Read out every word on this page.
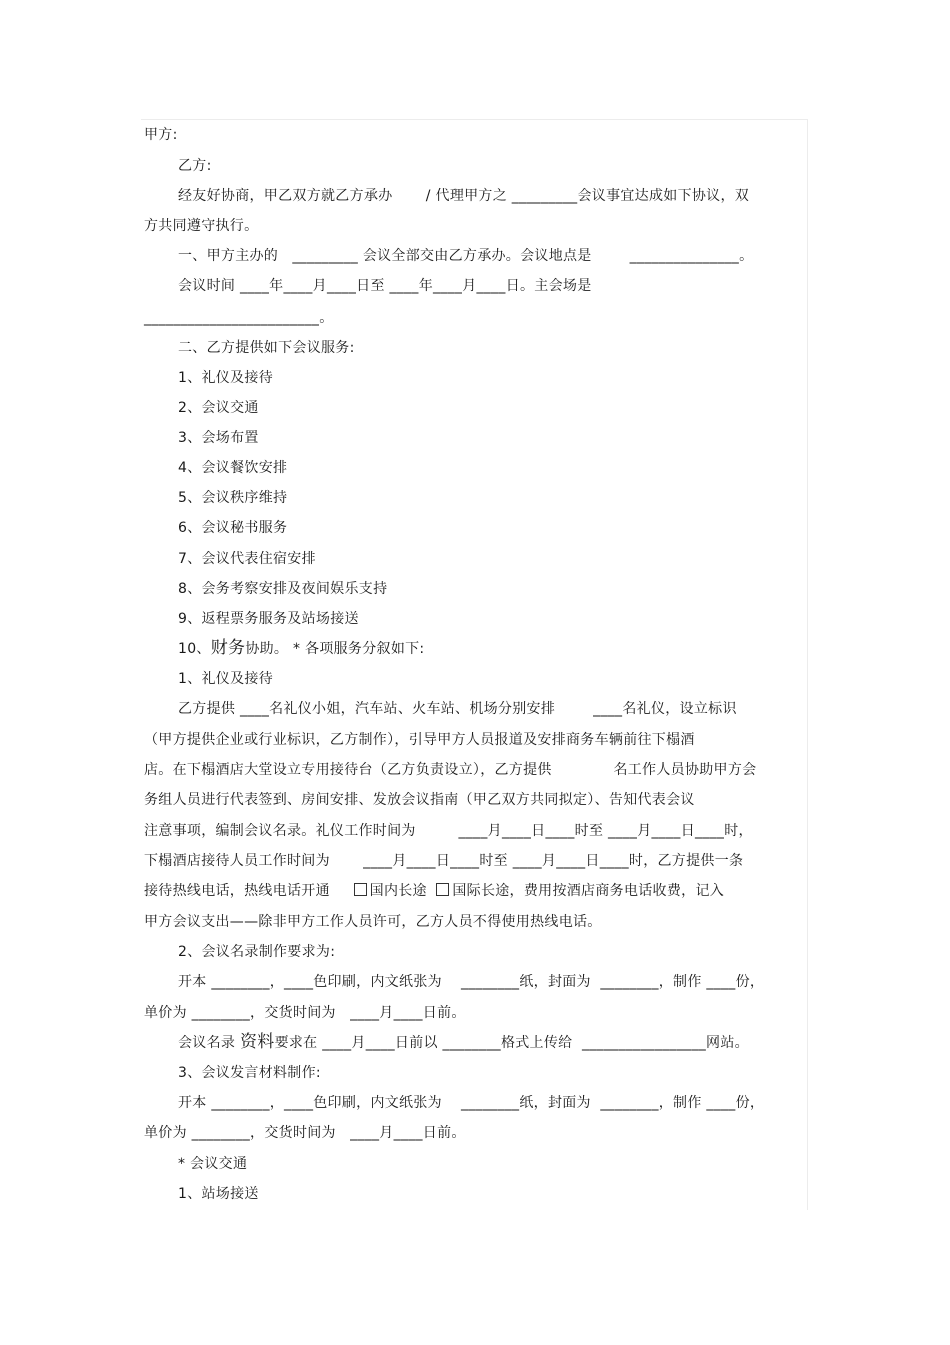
甲方:
乙方:
经友好协商，甲乙双方就乙方承办       / 代理甲方之 _________会议事宜达成如下协议，双
方共同遵守执行。
一、甲方主办的   _________ 会议全部交由乙方承办。会议地点是        _______________。
会议时间 ____年____月____日至 ____年____月____日。主会场是
________________________。
二、乙方提供如下会议服务:
1、礼仪及接待
2、会议交通
3、会场布置
4、会议餐饮安排
5、会议秩序维持
6、会议秘书服务
7、会议代表住宿安排
8、会务考察安排及夜间娱乐支持
9、返程票务服务及站场接送
10、财务协助。 * 各项服务分叙如下:
1、礼仪及接待
乙方提供 ____名礼仪小姐，汽车站、火车站、机场分别安排        ____名礼仪，设立标识
（甲方提供企业或行业标识，乙方制作），引导甲方人员报道及安排商务车辆前往下榻酒
店。在下榻酒店大堂设立专用接待台（乙方负责设立），乙方提供             名工作人员协助甲方会
务组人员进行代表签到、房间安排、发放会议指南（甲乙双方共同拟定）、告知代表会议
注意事项，编制会议名录。礼仪工作时间为         ____月____日____时至 ____月____日____时，
下榻酒店接待人员工作时间为       ____月____日____时至 ____月____日____时，乙方提供一条
接待热线电话，热线电话开通     国内长途  国际长途，费用按酒店商务电话收费，记入
甲方会议支出——除非甲方工作人员许可，乙方人员不得使用热线电话。
2、会议名录制作要求为:
开本 ________，____色印刷，内文纸张为    ________纸，封面为  ________，制作 ____份，
单价为 ________，交货时间为   ____月____日前。
会议名录 资料要求在 ____月____日前以 ________格式上传给  _________________网站。
3、会议发言材料制作:
开本 ________，____色印刷，内文纸张为    ________纸，封面为  ________，制作 ____份，
单价为 ________，交货时间为   ____月____日前。
* 会议交通
1、站场接送
